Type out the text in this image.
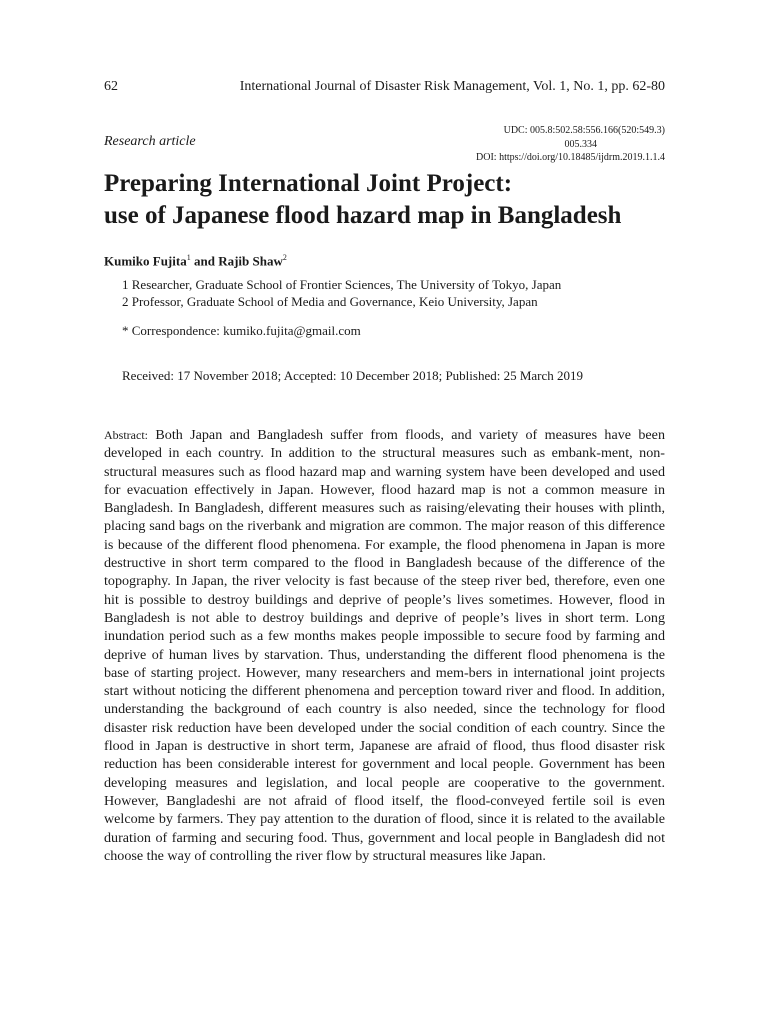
62	International Journal of Disaster Risk Management, Vol. 1, No. 1, pp. 62-80
Research article
UDC: 005.8:502.58:556.166(520:549.3)
005.334
DOI: https://doi.org/10.18485/ijdrm.2019.1.1.4
Preparing International Joint Project:
use of Japanese flood hazard map in Bangladesh
Kumiko Fujita$^1$ and Rajib Shaw$^2$
1 Researcher, Graduate School of Frontier Sciences, The University of Tokyo, Japan
2 Professor, Graduate School of Media and Governance, Keio University, Japan
* Correspondence: kumiko.fujita@gmail.com
Received: 17 November 2018; Accepted: 10 December 2018; Published: 25 March 2019

Abstract: Both Japan and Bangladesh suffer from floods, and variety of measures have been developed in each country. In addition to the structural measures such as embank-ment, non-structural measures such as flood hazard map and warning system have been developed and used for evacuation effectively in Japan. However, flood hazard map is not a common measure in Bangladesh. In Bangladesh, different measures such as raising/elevating their houses with plinth, placing sand bags on the riverbank and migration are common. The major reason of this difference is because of the different flood phenomena. For example, the flood phenomena in Japan is more destructive in short term compared to the flood in Bangladesh because of the difference of the topography. In Japan, the river velocity is fast because of the steep river bed, therefore, even one hit is possible to destroy buildings and deprive of people’s lives sometimes. However, flood in Bangladesh is not able to destroy buildings and deprive of people’s lives in short term. Long inundation period such as a few months makes people impossible to secure food by farming and deprive of human lives by starvation. Thus, understanding the different flood phenomena is the base of starting project. However, many researchers and mem-bers in international joint projects start without noticing the different phenomena and perception toward river and flood. In addition, understanding the background of each country is also needed, since the technology for flood disaster risk reduction have been developed under the social condition of each country. Since the flood in Japan is destructive in short term, Japanese are afraid of flood, thus flood disaster risk reduction has been considerable interest for government and local people. Government has been developing measures and legislation, and local people are cooperative to the government. However, Bangladeshi are not afraid of flood itself, the flood-conveyed fertile soil is even welcome by farmers. They pay attention to the duration of flood, since it is related to the available duration of farming and securing food. Thus, government and local people in Bangladesh did not choose the way of controlling the river flow by structural measures like Japan.
